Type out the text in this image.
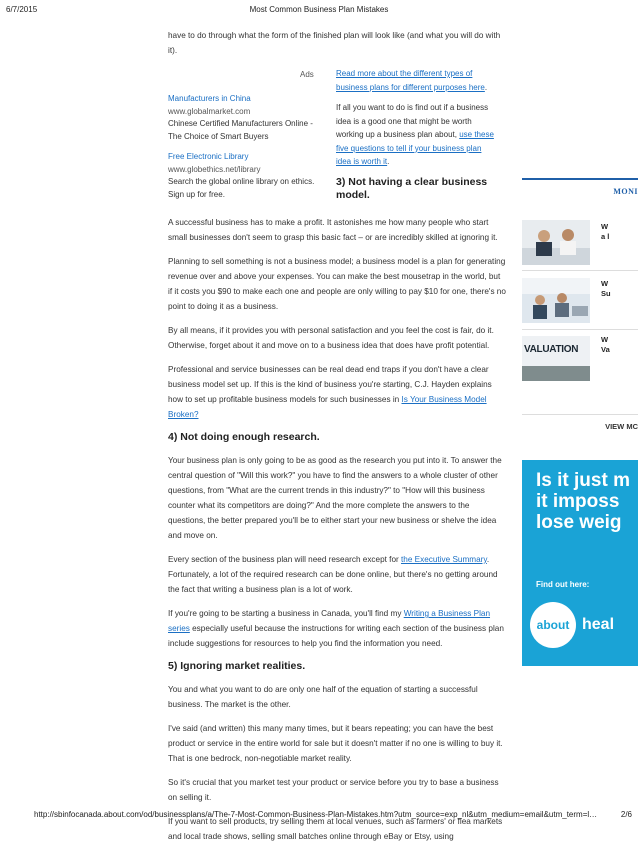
6/7/2015	Most Common Business Plan Mistakes

have to do through what the form of the finished plan will look like (and what you will do with it).

Ads
Manufacturers in China
www.globalmarket.com
Chinese Certified Manufacturers Online - The Choice of Smart Buyers
Free Electronic Library
www.globethics.net/library
Search the global online library on ethics. Sign up for free.

Read more about the different types of business plans for different purposes here.

If all you want to do is find out if a business idea is a good one that might be worth working up a business plan about, use these five questions to tell if your business plan idea is worth it.

3) Not having a clear business model.

A successful business has to make a profit. It astonishes me how many people who start small businesses don't seem to grasp this basic fact – or are incredibly skilled at ignoring it.

Planning to sell something is not a business model; a business model is a plan for generating revenue over and above your expenses. You can make the best mousetrap in the world, but if it costs you $90 to make each one and people are only willing to pay $10 for one, there's no point to doing it as a business.

By all means, if it provides you with personal satisfaction and you feel the cost is fair, do it. Otherwise, forget about it and move on to a business idea that does have profit potential.

Professional and service businesses can be real dead end traps if you don't have a clear business model set up. If this is the kind of business you're starting, C.J. Hayden explains how to set up profitable business models for such businesses in Is Your Business Model Broken?

4) Not doing enough research.

Your business plan is only going to be as good as the research you put into it. To answer the central question of "Will this work?" you have to find the answers to a whole cluster of other questions, from "What are the current trends in this industry?" to "How will this business counter what its competitors are doing?" And the more complete the answers to the questions, the better prepared you'll be to either start your new business or shelve the idea and move on.

Every section of the business plan will need research except for the Executive Summary. Fortunately, a lot of the required research can be done online, but there's no getting around the fact that writing a business plan is a lot of work.

If you're going to be starting a business in Canada, you'll find my Writing a Business Plan series especially useful because the instructions for writing each section of the business plan include suggestions for resources to help you find the information you need.

5) Ignoring market realities.

You and what you want to do are only one half of the equation of starting a successful business. The market is the other.

I've said (and written) this many many times, but it bears repeating; you can have the best product or service in the entire world for sale but it doesn't matter if no one is willing to buy it. That is one bedrock, non-negotiable market reality.

So it's crucial that you market test your product or service before you try to base a business on selling it.

If you want to sell products, try selling them at local venues, such as farmers' or flea markets and local trade shows, selling small batches online through eBay or Etsy, using

MONI
W
a l
W
Su
VALUATION
W
Va
VIEW MC
Is it just m
it imposs
lose weig
Find out here:
about heal
http://sbinfocanada.about.com/od/businessplans/a/The-7-Most-Common-Business-Plan-Mistakes.htm?utm_source=exp_nl&utm_medium=email&utm_term=l…	2/6
